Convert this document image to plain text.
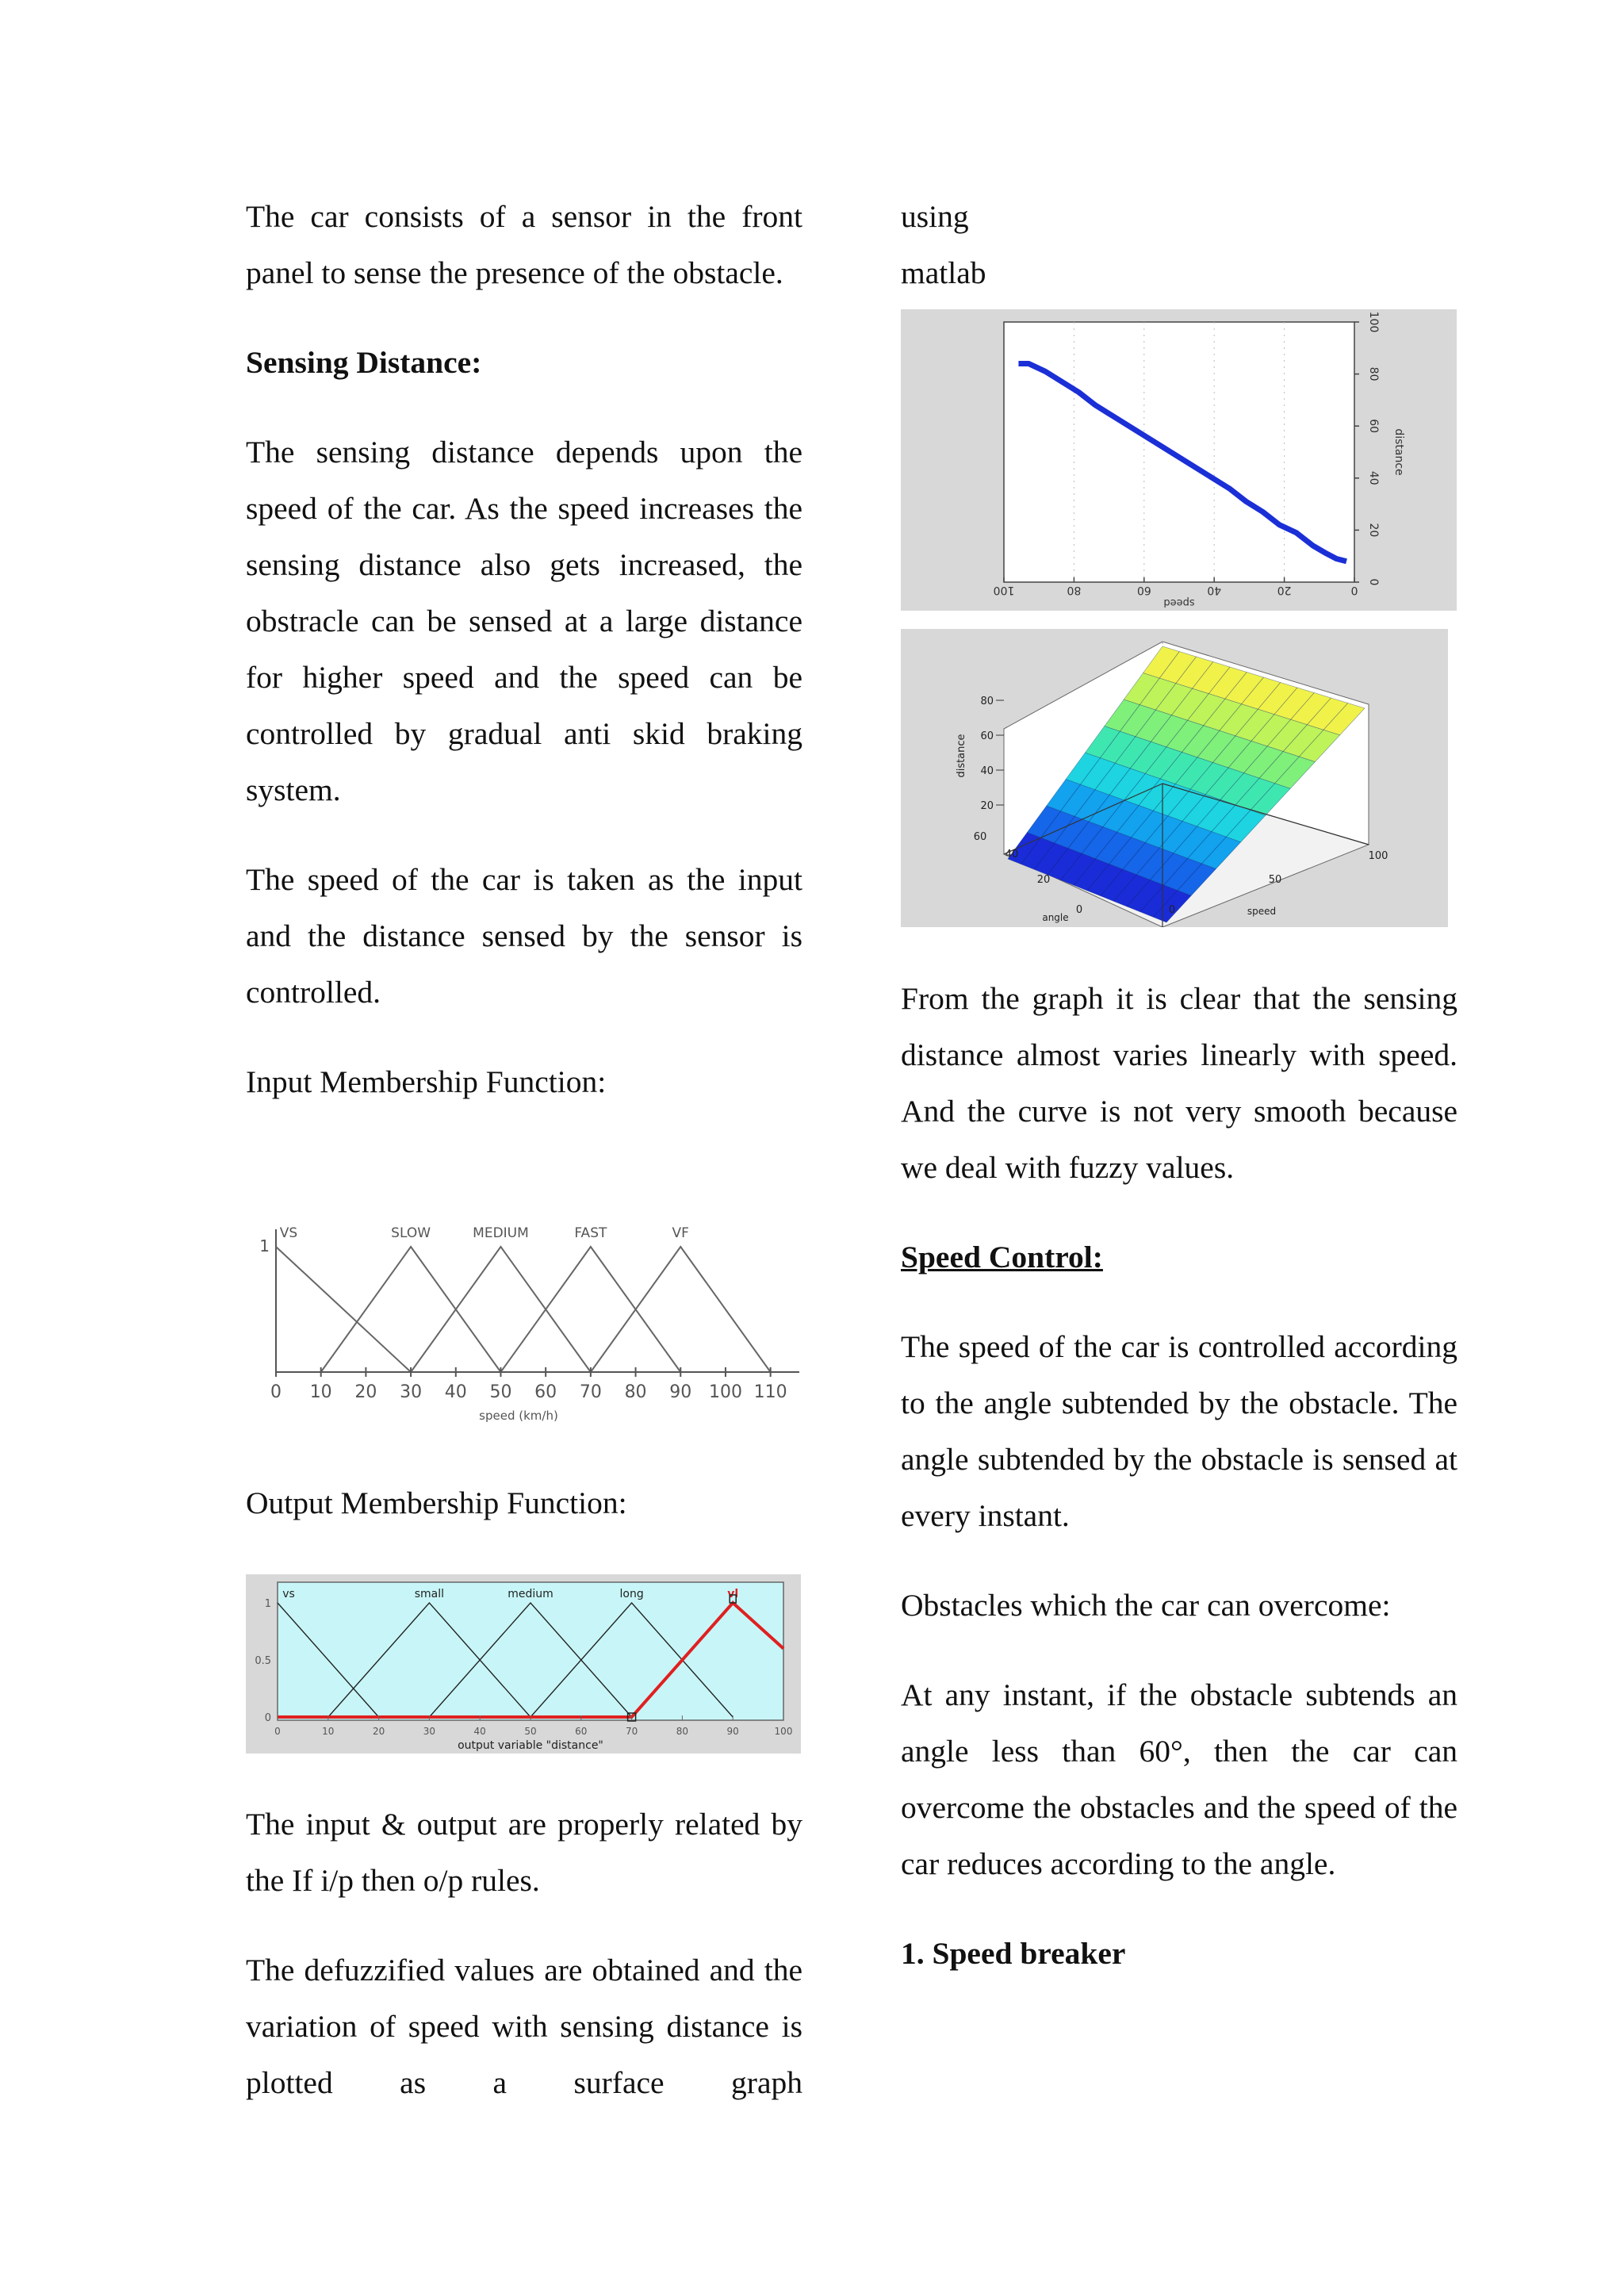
The car consists of a sensor in the front panel to sense the presence of the obstacle.

Sensing Distance:

The sensing distance depends upon the speed of the car. As the speed increases the sensing distance also gets increased, the obstracle can be sensed at a large distance for higher speed and the speed can be controlled by gradual anti skid braking system.

The speed of the car is taken as the input and the distance sensed by the sensor is controlled.

Input Membership Function:

VS	SLOW	MEDIUM	FAST	VF
0 10 20 30 40 50 60 70 80 90 100 110
1
speed (km/h)

Output Membership Function:

vs	small	medium	long	vl
0	10	20	30	40	50	60	70	80	90	100
0
0.5
1
output variable "distance"

The input & output are properly related by the If i/p then o/p rules.

The defuzzified values are obtained and the variation of speed with sensing distance is plotted as a surface graph

using

matlab

0
20
40
60
80
100
100	80	60	40	20	0
speed
distance
20
40
60
80
distance
0
20
40
60
angle
0
50
100
speed

From the graph it is clear that the sensing distance almost varies linearly with speed. And the curve is not very smooth because we deal with fuzzy values.

Speed Control:

The speed of the car is controlled according to the angle subtended by the obstacle. The angle subtended by the obstacle is sensed at every instant.

Obstacles which the car can overcome:

At any instant, if the obstacle subtends an angle less than 60°, then the car can overcome the obstacles and the speed of the car reduces according to the angle.

1. Speed breaker
